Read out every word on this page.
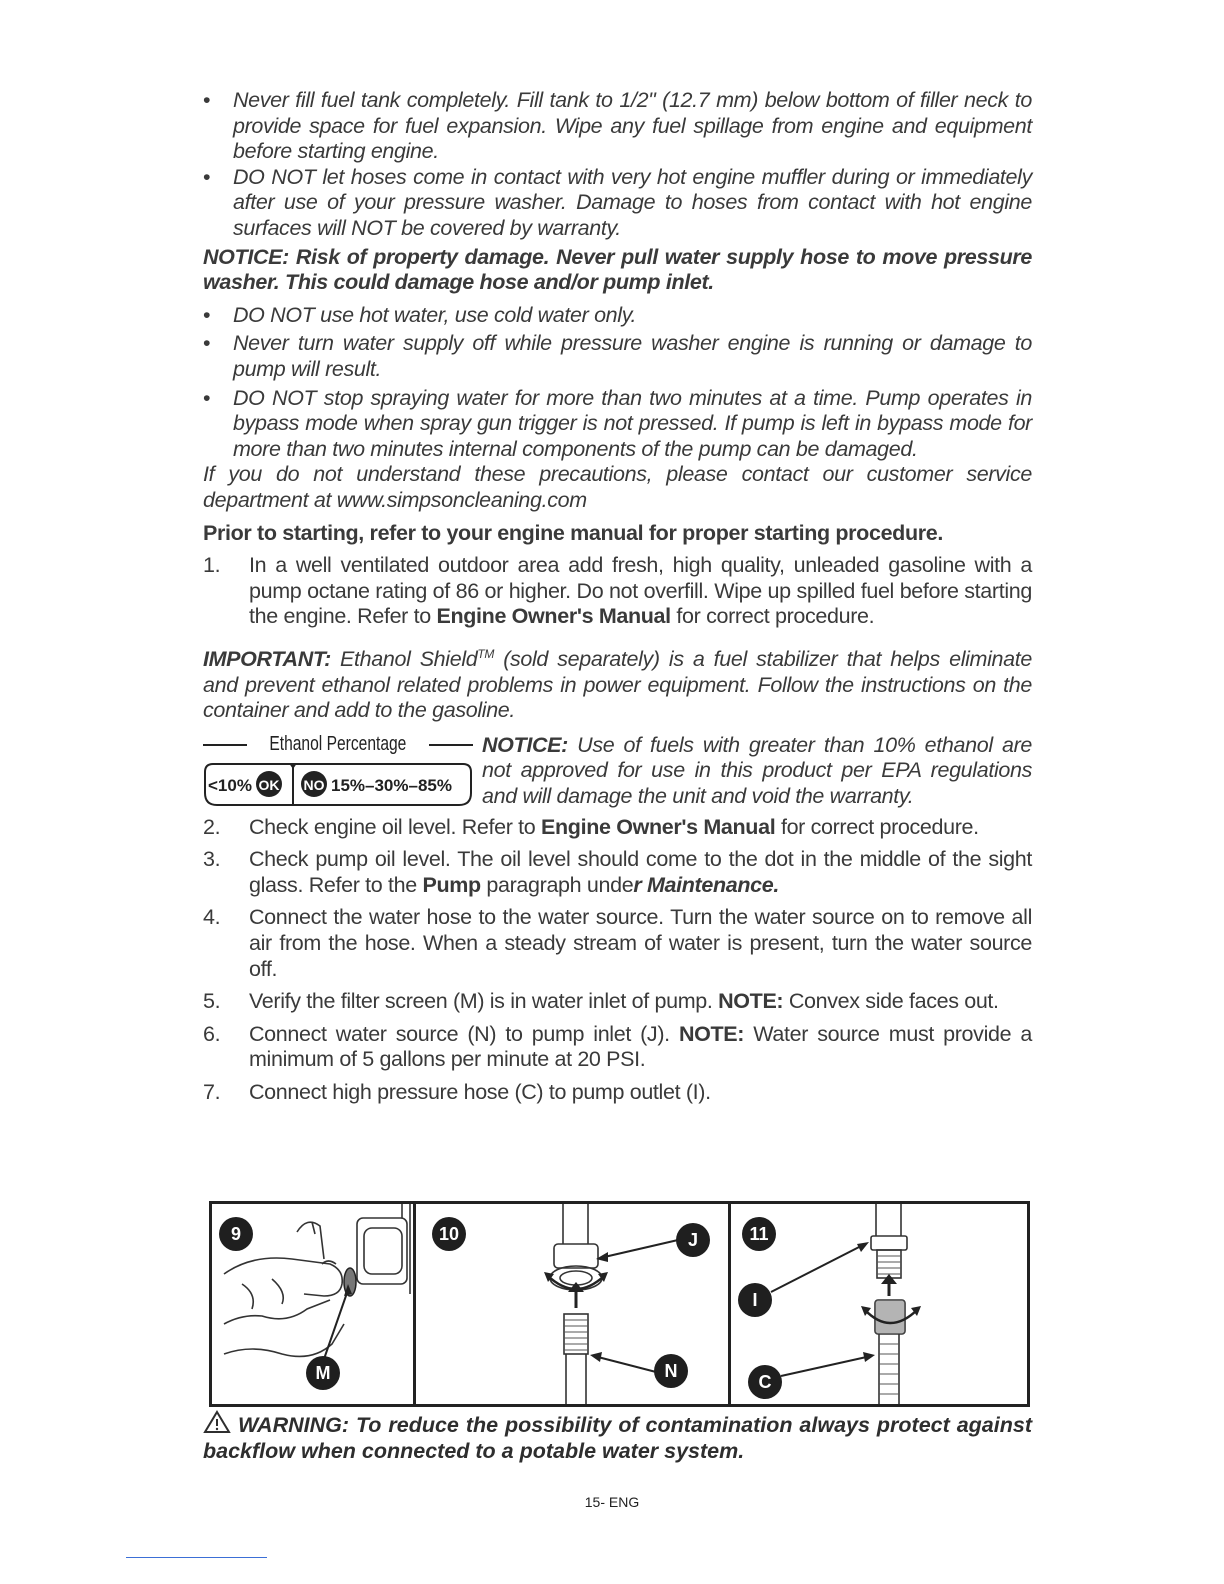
• Never fill fuel tank completely. Fill tank to 1/2" (12.7 mm) below bottom of filler neck to provide space for fuel expansion. Wipe any fuel spillage from engine and equipment before starting engine.
• DO NOT let hoses come in contact with very hot engine muffler during or immediately after use of your pressure washer. Damage to hoses from contact with hot engine surfaces will NOT be covered by warranty.

NOTICE: Risk of property damage. Never pull water supply hose to move pressure washer. This could damage hose and/or pump inlet.

• DO NOT use hot water, use cold water only.
• Never turn water supply off while pressure washer engine is running or damage to pump will result.
• DO NOT stop spraying water for more than two minutes at a time. Pump operates in bypass mode when spray gun trigger is not pressed. If pump is left in bypass mode for more than two minutes internal components of the pump can be damaged.

If you do not understand these precautions, please contact our customer service department at www.simpsoncleaning.com

Prior to starting, refer to your engine manual for proper starting procedure.

1. In a well ventilated outdoor area add fresh, high quality, unleaded gasoline with a pump octane rating of 86 or higher. Do not overfill. Wipe up spilled fuel before starting the engine. Refer to Engine Owner's Manual for correct procedure.

IMPORTANT: Ethanol Shield™ (sold separately) is a fuel stabilizer that helps eliminate and prevent ethanol related problems in power equipment. Follow the instructions on the container and add to the gasoline.

Ethanol Percentage
<10% OK NO 15%–30%–85%

NOTICE: Use of fuels with greater than 10% ethanol are not approved for use in this product per EPA regulations and will damage the unit and void the warranty.

2. Check engine oil level. Refer to Engine Owner's Manual for correct procedure.
3. Check pump oil level. The oil level should come to the dot in the middle of the sight glass. Refer to the Pump paragraph under Maintenance.
4. Connect the water hose to the water source. Turn the water source on to remove all air from the hose. When a steady stream of water is present, turn the water source off.
5. Verify the filter screen (M) is in water inlet of pump. NOTE: Convex side faces out.
6. Connect water source (N) to pump inlet (J). NOTE: Water source must provide a minimum of 5 gallons per minute at 20 PSI.
7. Connect high pressure hose (C) to pump outlet (I).
9
M
10	J
N
11
I
C

WARNING: To reduce the possibility of contamination always protect against backflow when connected to a potable water system.

15- ENG
